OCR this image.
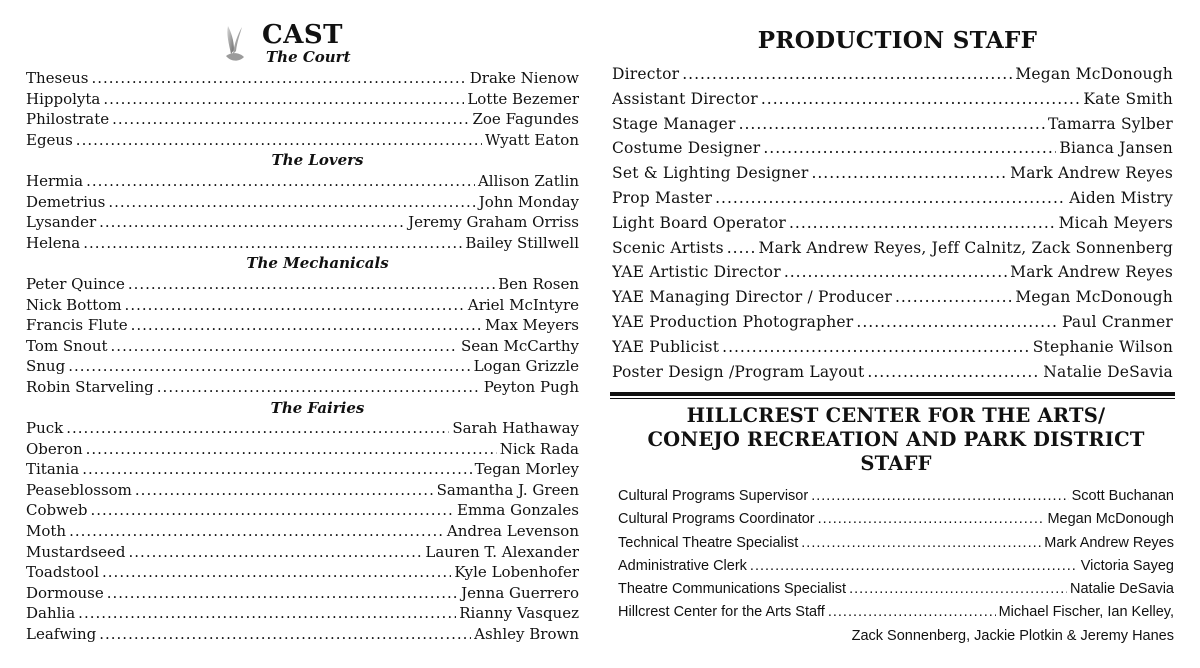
CAST
The Court
Theseus .....	Drake Nienow
Hippolyta .....	Lotte Bezemer
Philostrate .....	Zoe Fagundes
Egeus .....	Wyatt Eaton
The Lovers
Hermia .....	Allison Zatlin
Demetrius .....	John Monday
Lysander .....	Jeremy Graham Orriss
Helena .....	Bailey Stillwell
The Mechanicals
Peter Quince .....	Ben Rosen
Nick Bottom .....	Ariel McIntyre
Francis Flute .....	Max Meyers
Tom Snout .....	Sean McCarthy
Snug .....	Logan Grizzle
Robin Starveling .....	Peyton Pugh
The Fairies
Puck .....	Sarah Hathaway
Oberon .....	Nick Rada
Titania .....	Tegan Morley
Peaseblossom .....	Samantha J. Green
Cobweb .....	Emma Gonzales
Moth .....	Andrea Levenson
Mustardseed .....	Lauren T. Alexander
Toadstool .....	Kyle Lobenhofer
Dormouse .....	Jenna Guerrero
Dahlia .....	Rianny Vasquez
Leafwing .....	Ashley Brown
PRODUCTION STAFF
Director .....	Megan McDonough
Assistant Director .....	Kate Smith
Stage Manager .....	Tamarra Sylber
Costume Designer .....	Bianca Jansen
Set & Lighting Designer .....	Mark Andrew Reyes
Prop Master .....	Aiden Mistry
Light Board Operator .....	Micah Meyers
Scenic Artists ..... Mark Andrew Reyes, Jeff Calnitz, Zack Sonnenberg
YAE Artistic Director .....	Mark Andrew Reyes
YAE Managing Director / Producer .....	Megan McDonough
YAE Production Photographer .....	Paul Cranmer
YAE Publicist .....	Stephanie Wilson
Poster Design /Program Layout .....	Natalie DeSavia
HILLCREST CENTER FOR THE ARTS/
CONEJO RECREATION AND PARK DISTRICT STAFF
Cultural Programs Supervisor .....	Scott Buchanan
Cultural Programs Coordinator .....	Megan McDonough
Technical Theatre Specialist .....	Mark Andrew Reyes
Administrative Clerk .....	Victoria Sayeg
Theatre Communications Specialist .....	Natalie DeSavia
Hillcrest Center for the Arts Staff .....	Michael Fischer, Ian Kelley,
Zack Sonnenberg, Jackie Plotkin & Jeremy Hanes
